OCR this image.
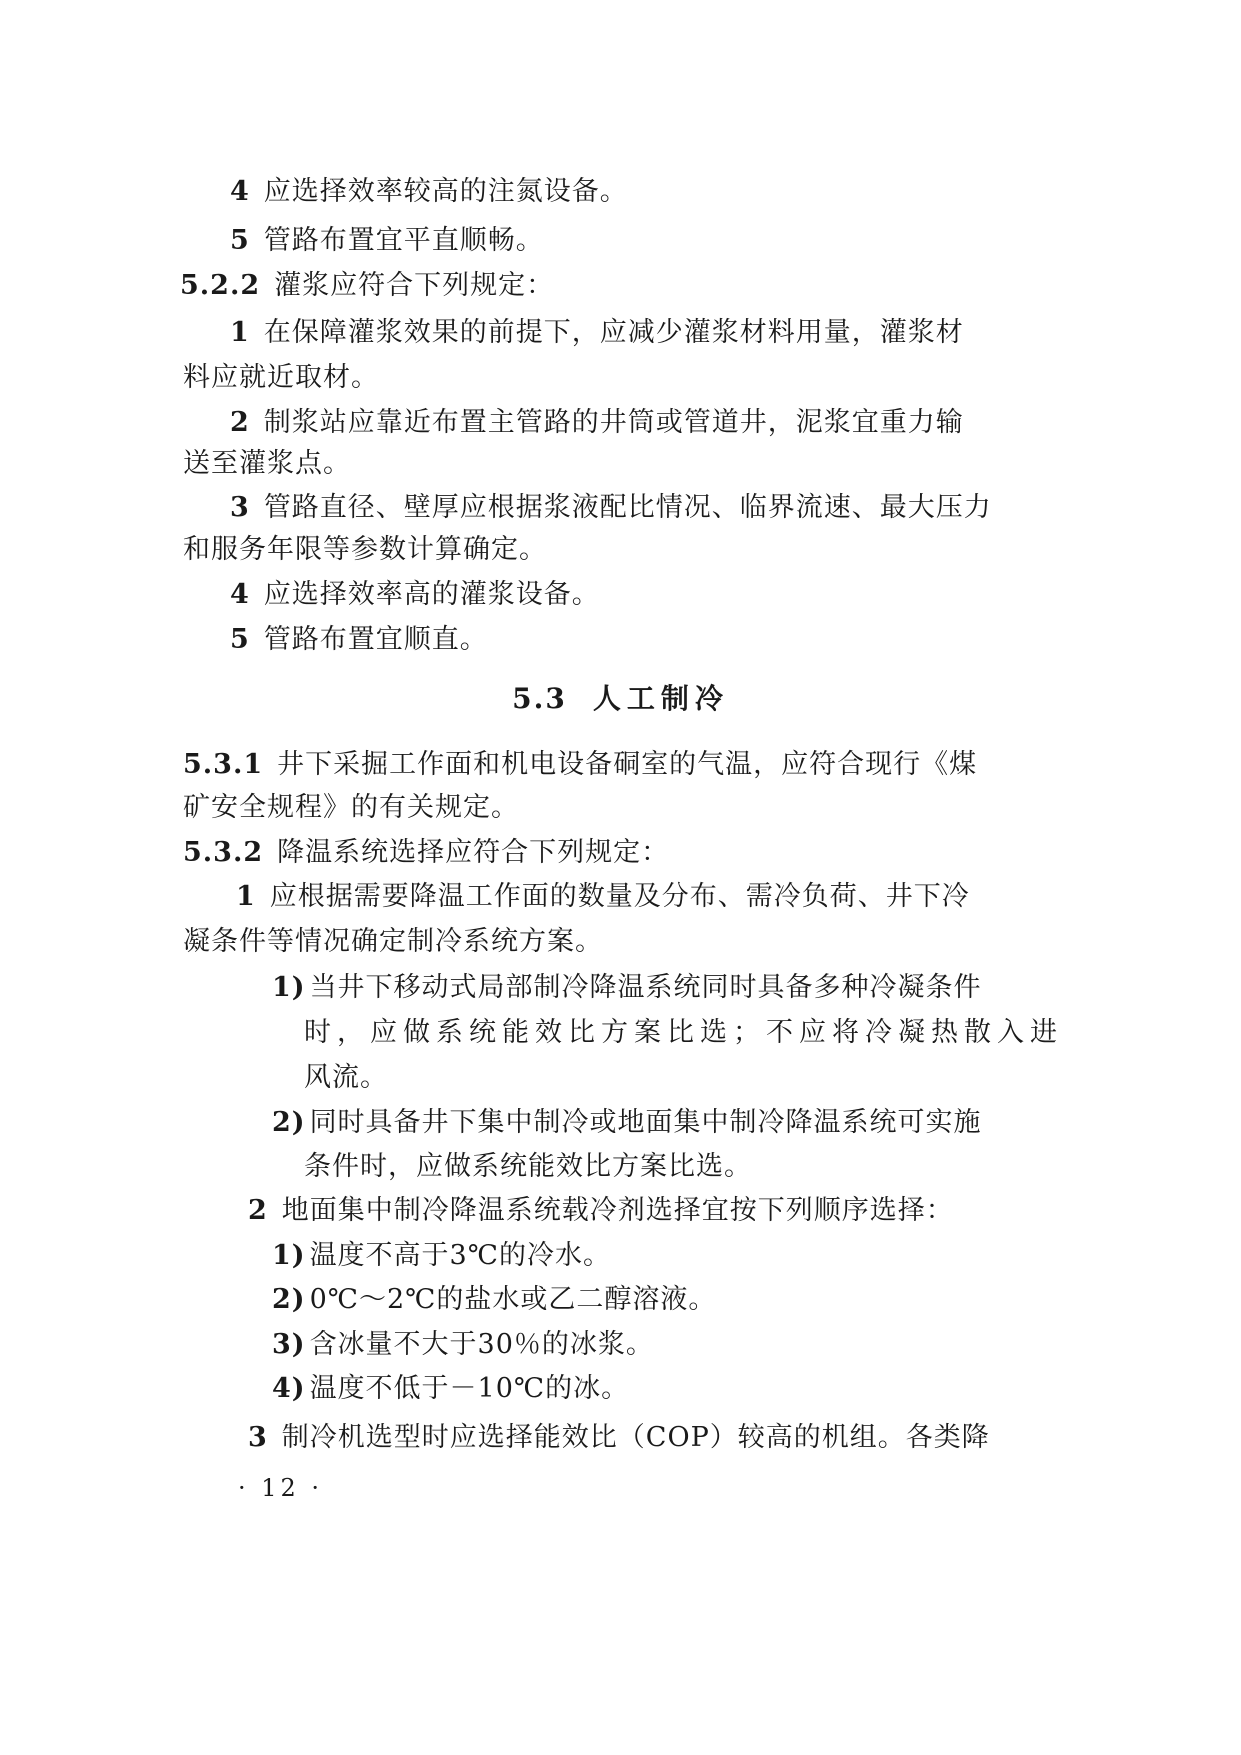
4 应选择效率较高的注氮设备。
5 管路布置宜平直顺畅。
5.2.2 灌浆应符合下列规定：
1 在保障灌浆效果的前提下，应减少灌浆材料用量，灌浆材
料应就近取材。
2 制浆站应靠近布置主管路的井筒或管道井，泥浆宜重力输
送至灌浆点。
3 管路直径、壁厚应根据浆液配比情况、临界流速、最大压力
和服务年限等参数计算确定。
4 应选择效率高的灌浆设备。
5 管路布置宜顺直。
5.3 人工制冷
5.3.1 井下采掘工作面和机电设备硐室的气温，应符合现行《煤
矿安全规程》的有关规定。
5.3.2 降温系统选择应符合下列规定：
1 应根据需要降温工作面的数量及分布、需冷负荷、井下冷
凝条件等情况确定制冷系统方案。
1) 当井下移动式局部制冷降温系统同时具备多种冷凝条件
时，应做系统能效比方案比选；不应将冷凝热散入进
风流。
2) 同时具备井下集中制冷或地面集中制冷降温系统可实施
条件时，应做系统能效比方案比选。
2 地面集中制冷降温系统载冷剂选择宜按下列顺序选择：
1) 温度不高于3℃的冷水。
2) 0℃～2℃的盐水或乙二醇溶液。
3) 含冰量不大于30％的冰浆。
4) 温度不低于－10℃的冰。
3 制冷机选型时应选择能效比（COP）较高的机组。各类降
· 12 ·
